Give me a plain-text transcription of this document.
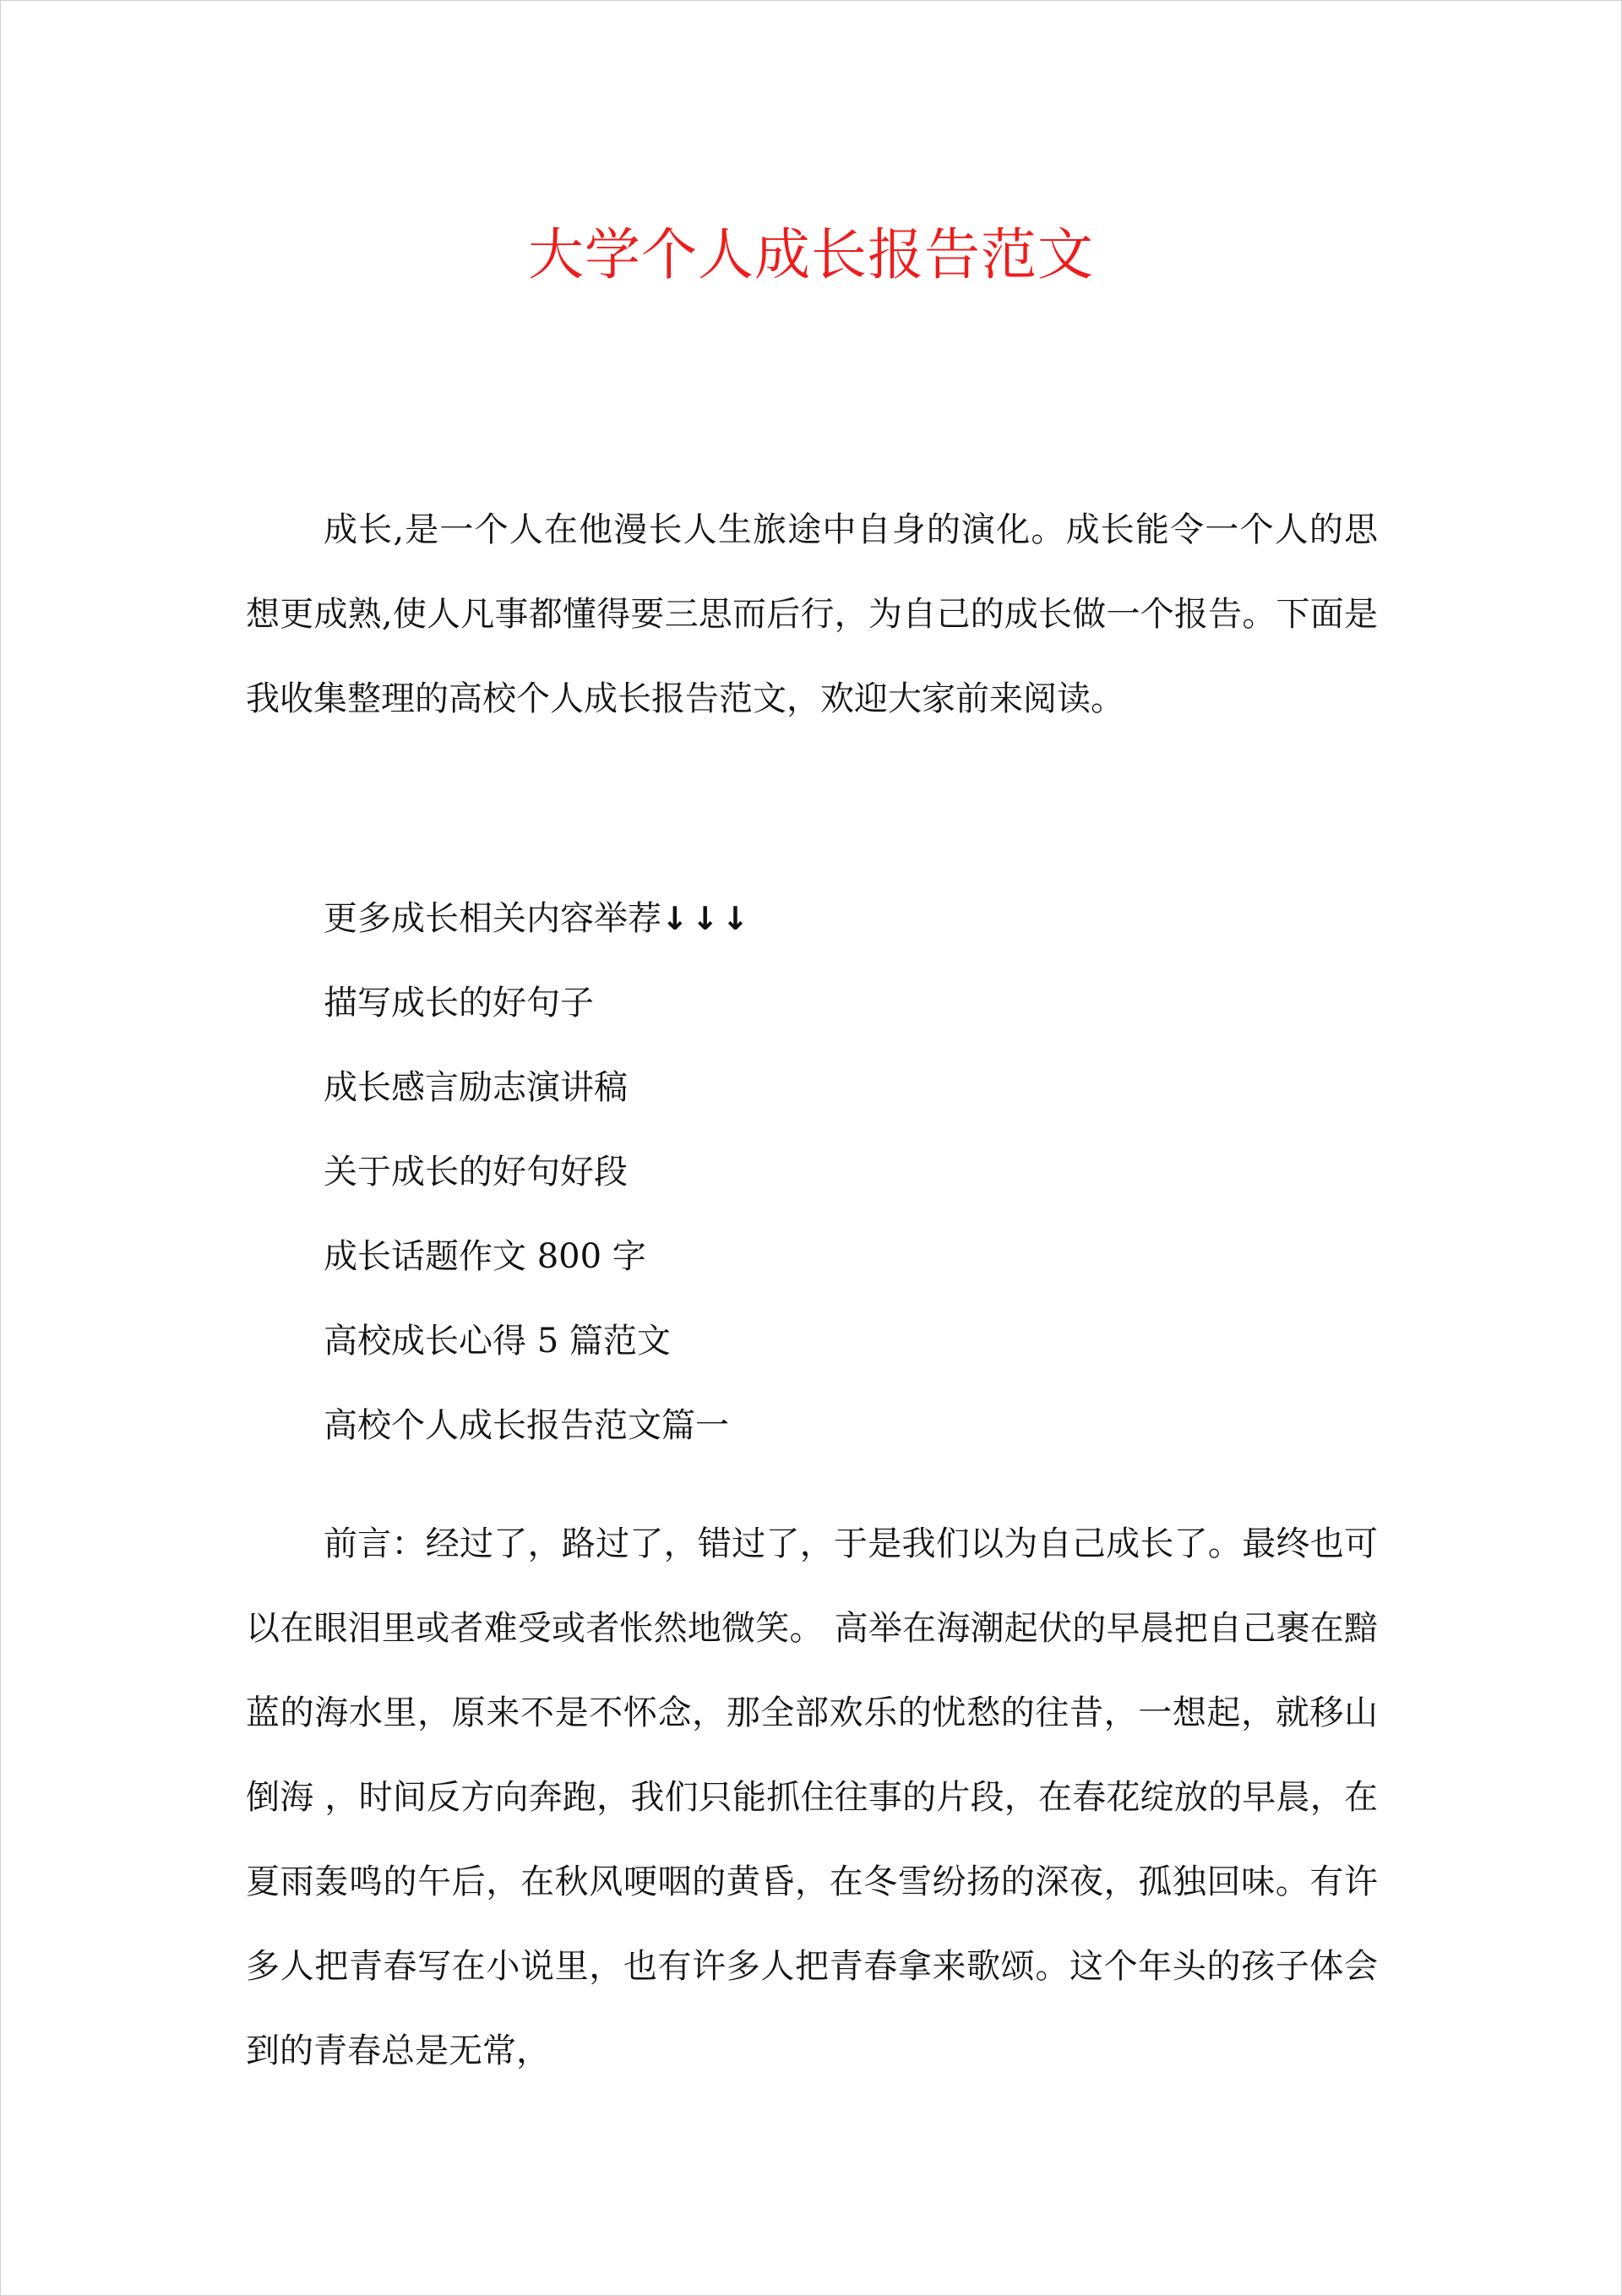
大学个人成长报告范文

成长,是一个人在他漫长人生旅途中自身的演化。成长能令一个人的思想更成熟,使人凡事都懂得要三思而后行，为自己的成长做一个报告。下面是我收集整理的高校个人成长报告范文，欢迎大家前来阅读。

更多成长相关内容举荐↓↓↓
描写成长的好句子
成长感言励志演讲稿
关于成长的好句好段
成长话题作文 800 字
高校成长心得 5 篇范文
高校个人成长报告范文篇一

前言：经过了，路过了，错过了，于是我们以为自己成长了。最终也可以在眼泪里或者难受或者怅然地微笑。 高举在海潮起伏的早晨把自己裹在黯蓝的海水里，原来不是不怀念，那全部欢乐的忧愁的往昔，一想起，就移山倒海 ，时间反方向奔跑，我们只能抓住往事的片段，在春花绽放的早晨，在夏雨轰鸣的午后，在秋风哽咽的黄昏，在冬雪纷扬的深夜，孤独回味。有许多人把青春写在小说里，也有许多人把青春拿来歌颂。这个年头的孩子体会到的青春总是无常，
